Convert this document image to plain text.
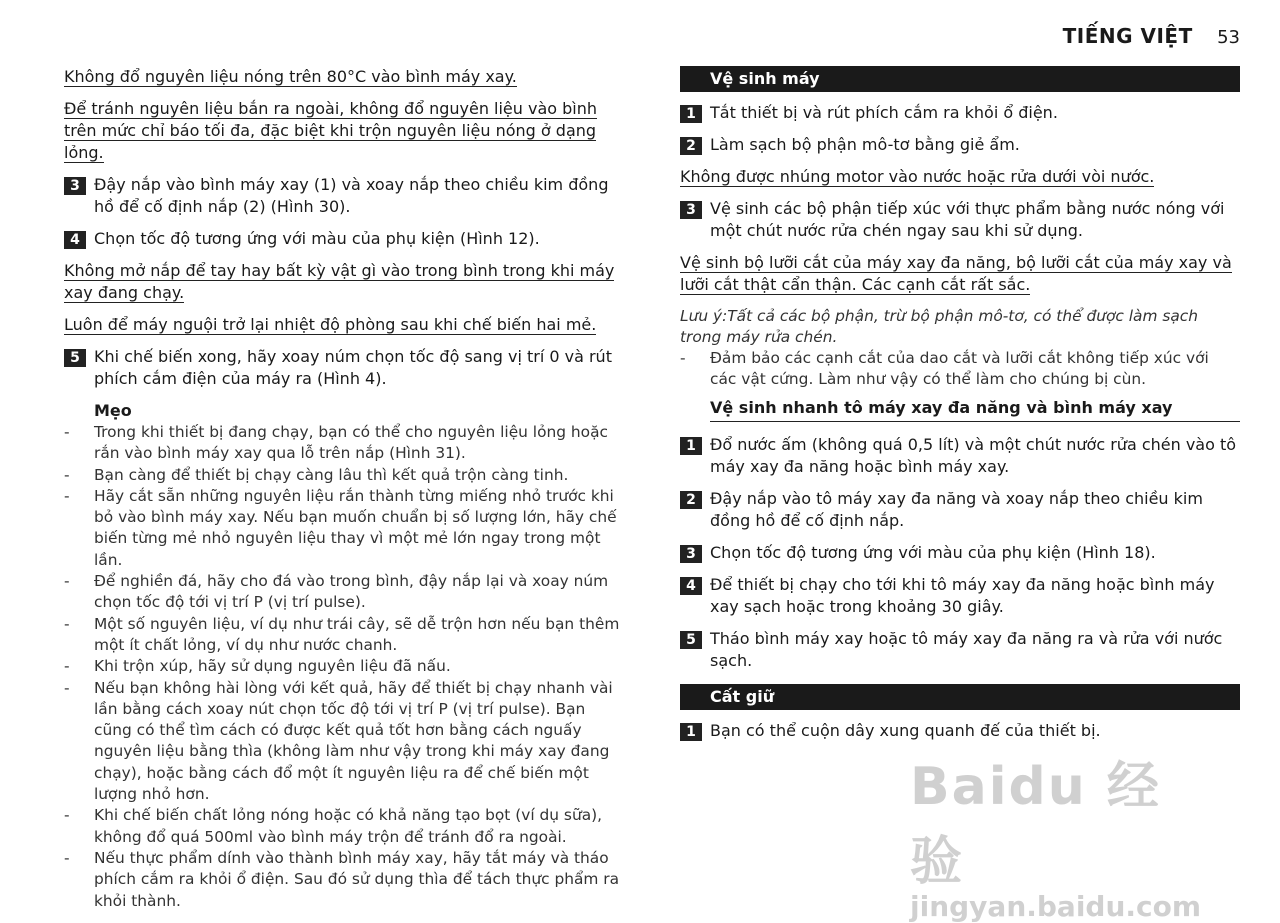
TIẾNG VIỆT 53
Không đổ nguyên liệu nóng trên 80°C vào bình máy xay.
Để tránh nguyên liệu bắn ra ngoài, không đổ nguyên liệu vào bình trên mức chỉ báo tối đa, đặc biệt khi trộn nguyên liệu nóng ở dạng lỏng.
3 Đậy nắp vào bình máy xay (1) và xoay nắp theo chiều kim đồng hồ để cố định nắp (2) (Hình 30).
4 Chọn tốc độ tương ứng với màu của phụ kiện (Hình 12).
Không mở nắp để tay hay bất kỳ vật gì vào trong bình trong khi máy xay đang chạy.
Luôn để máy nguội trở lại nhiệt độ phòng sau khi chế biến hai mẻ.
5 Khi chế biến xong, hãy xoay núm chọn tốc độ sang vị trí 0 và rút phích cắm điện của máy ra (Hình 4).
Mẹo
- Trong khi thiết bị đang chạy, bạn có thể cho nguyên liệu lỏng hoặc rắn vào bình máy xay qua lỗ trên nắp (Hình 31).
- Bạn càng để thiết bị chạy càng lâu thì kết quả trộn càng tinh.
- Hãy cắt sẵn những nguyên liệu rắn thành từng miếng nhỏ trước khi bỏ vào bình máy xay. Nếu bạn muốn chuẩn bị số lượng lớn, hãy chế biến từng mẻ nhỏ nguyên liệu thay vì một mẻ lớn ngay trong một lần.
- Để nghiền đá, hãy cho đá vào trong bình, đậy nắp lại và xoay núm chọn tốc độ tới vị trí P (vị trí pulse).
- Một số nguyên liệu, ví dụ như trái cây, sẽ dễ trộn hơn nếu bạn thêm một ít chất lỏng, ví dụ như nước chanh.
- Khi trộn xúp, hãy sử dụng nguyên liệu đã nấu.
- Nếu bạn không hài lòng với kết quả, hãy để thiết bị chạy nhanh vài lần bằng cách xoay nút chọn tốc độ tới vị trí P (vị trí pulse). Bạn cũng có thể tìm cách có được kết quả tốt hơn bằng cách nguấy nguyên liệu bằng thìa (không làm như vậy trong khi máy xay đang chạy), hoặc bằng cách đổ một ít nguyên liệu ra để chế biến một lượng nhỏ hơn.
- Khi chế biến chất lỏng nóng hoặc có khả năng tạo bọt (ví dụ sữa), không đổ quá 500ml vào bình máy trộn để tránh đổ ra ngoài.
- Nếu thực phẩm dính vào thành bình máy xay, hãy tắt máy và tháo phích cắm ra khỏi ổ điện. Sau đó sử dụng thìa để tách thực phẩm ra khỏi thành.
Vệ sinh máy
1 Tắt thiết bị và rút phích cắm ra khỏi ổ điện.
2 Làm sạch bộ phận mô-tơ bằng giẻ ẩm.
Không được nhúng motor vào nước hoặc rửa dưới vòi nước.
3 Vệ sinh các bộ phận tiếp xúc với thực phẩm bằng nước nóng với một chút nước rửa chén ngay sau khi sử dụng.
Vệ sinh bộ lưỡi cắt của máy xay đa năng, bộ lưỡi cắt của máy xay và lưỡi cắt thật cẩn thận. Các cạnh cắt rất sắc.
Lưu ý:Tất cả các bộ phận, trừ bộ phận mô-tơ, có thể được làm sạch trong máy rửa chén.
- Đảm bảo các cạnh cắt của dao cắt và lưỡi cắt không tiếp xúc với các vật cứng. Làm như vậy có thể làm cho chúng bị cùn.
Vệ sinh nhanh tô máy xay đa năng và bình máy xay
1 Đổ nước ấm (không quá 0,5 lít) và một chút nước rửa chén vào tô máy xay đa năng hoặc bình máy xay.
2 Đậy nắp vào tô máy xay đa năng và xoay nắp theo chiều kim đồng hồ để cố định nắp.
3 Chọn tốc độ tương ứng với màu của phụ kiện (Hình 18).
4 Để thiết bị chạy cho tới khi tô máy xay đa năng hoặc bình máy xay sạch hoặc trong khoảng 30 giây.
5 Tháo bình máy xay hoặc tô máy xay đa năng ra và rửa với nước sạch.
Cất giữ
1 Bạn có thể cuộn dây xung quanh đế của thiết bị.
Baidu 经验
jingyan.baidu.com
